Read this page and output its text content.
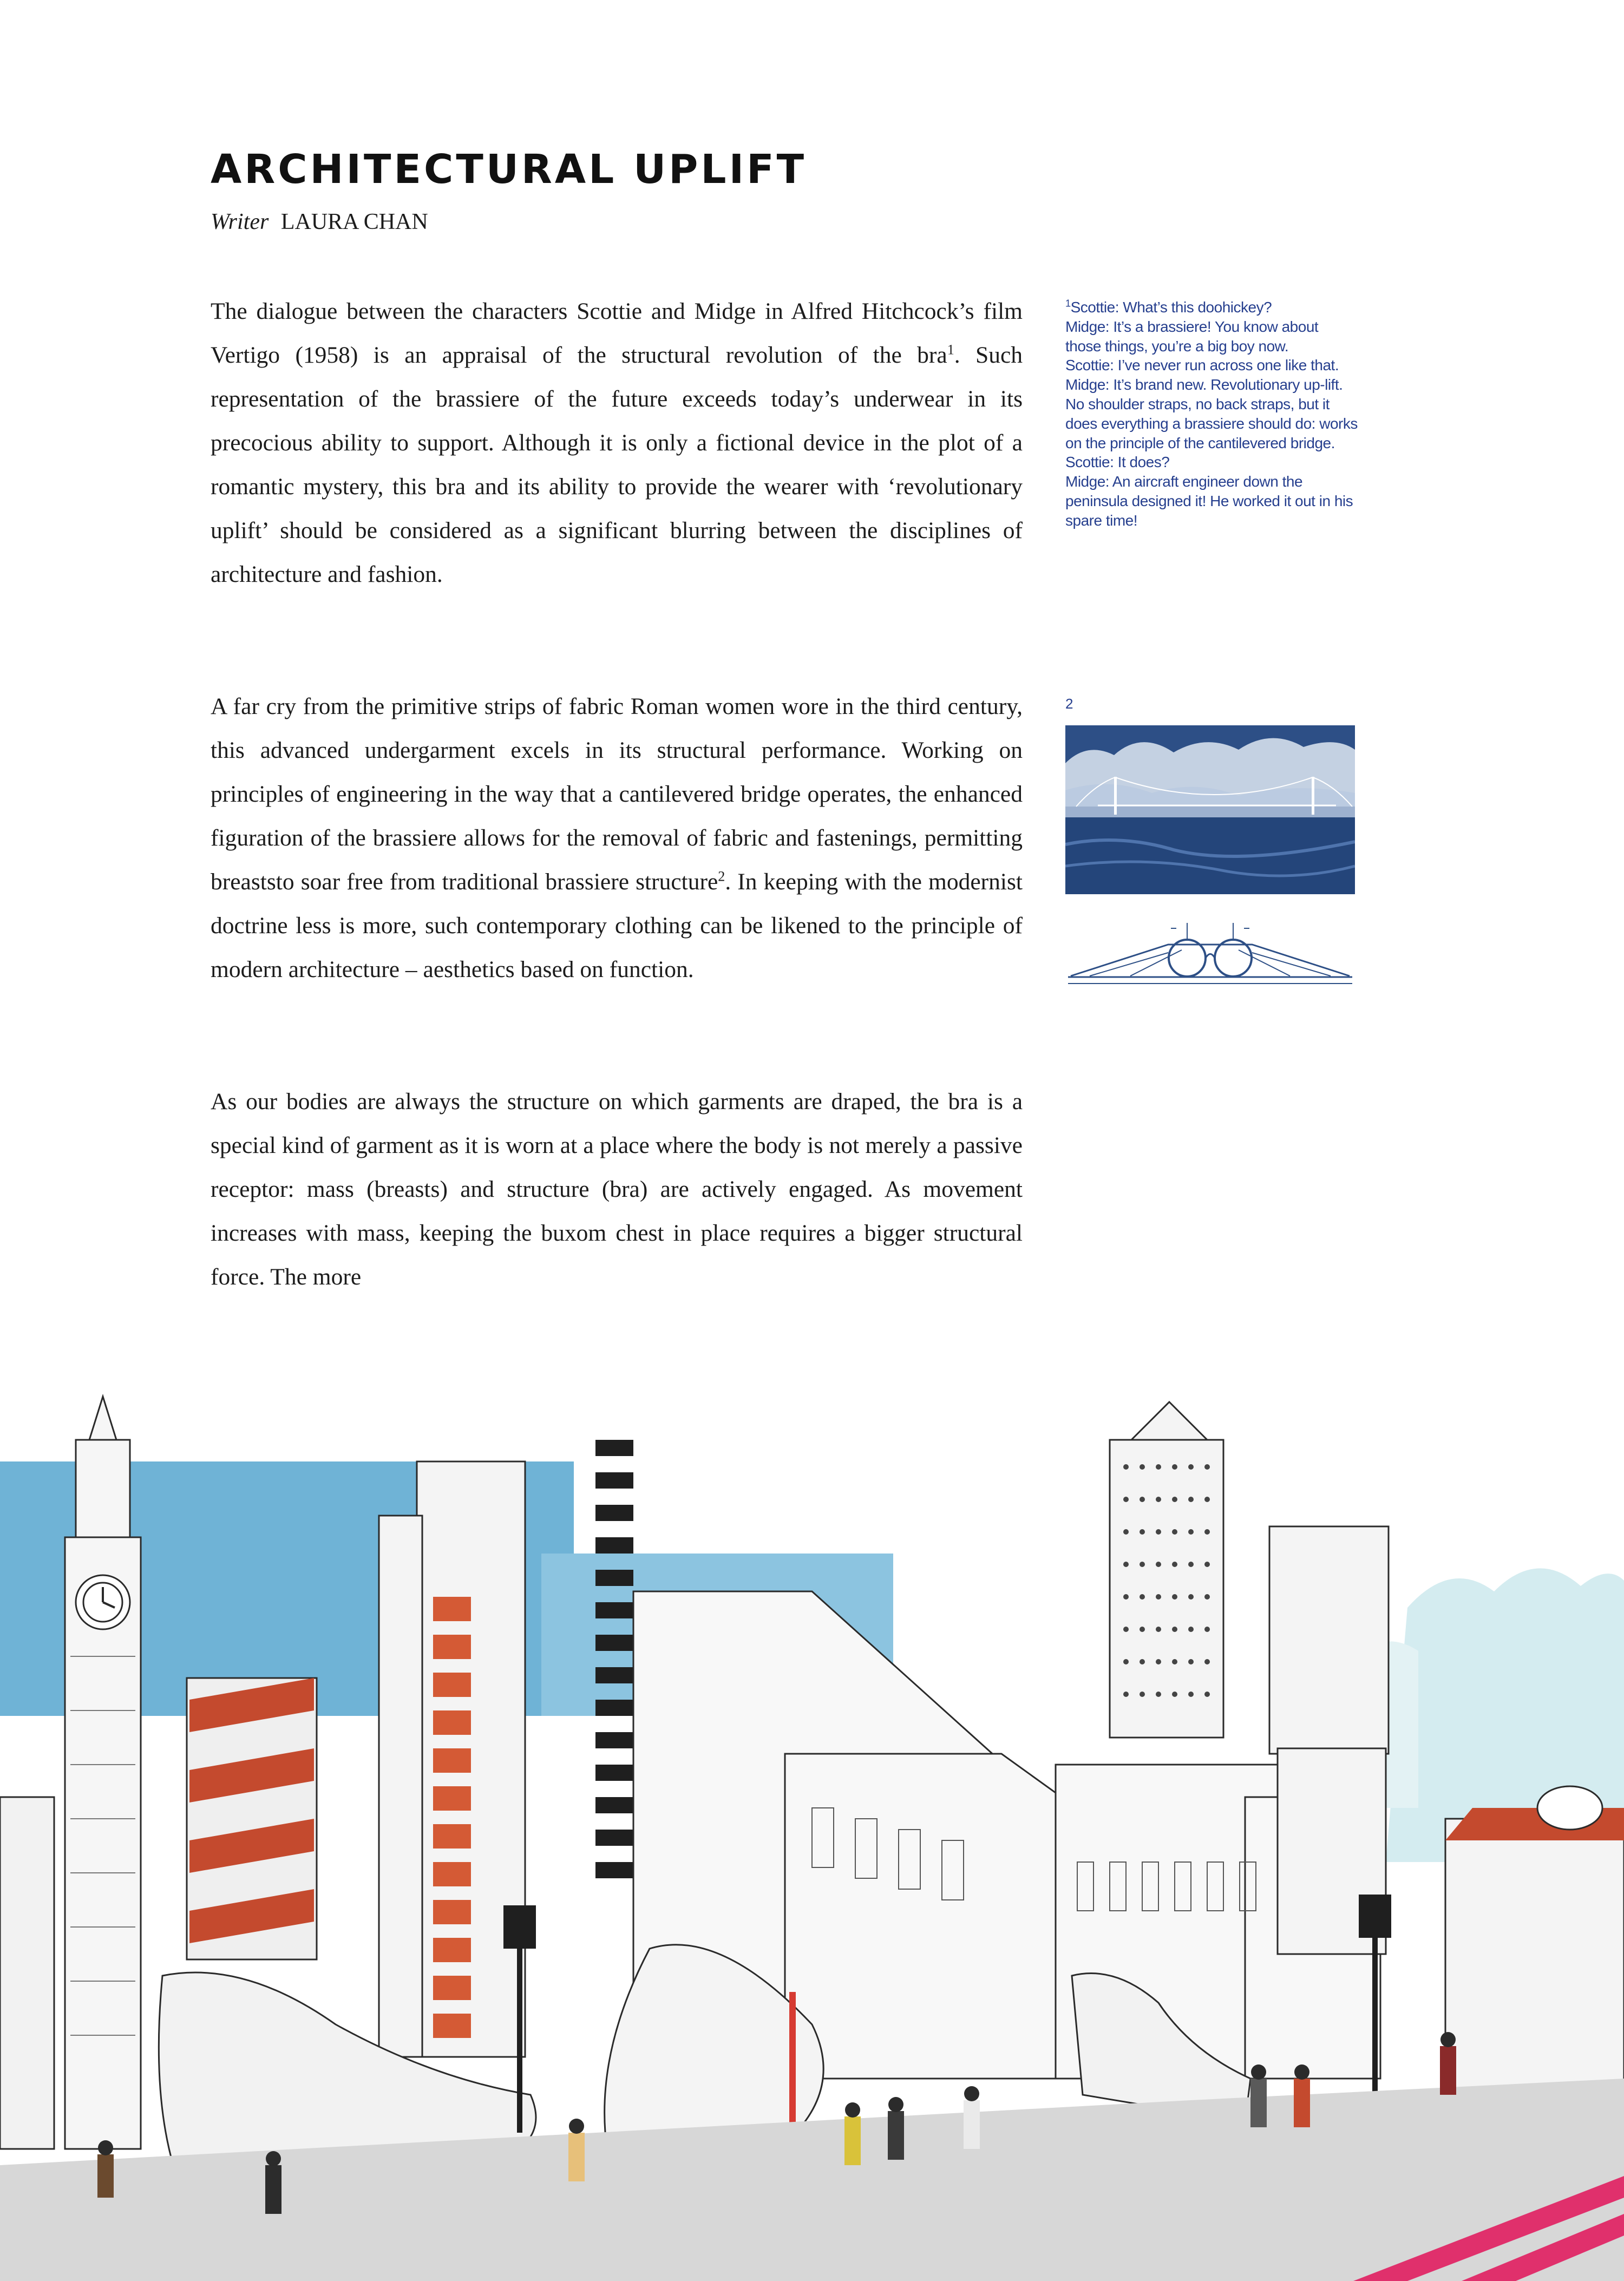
ARCHITECTURAL UPLIFT
Writer LAURA CHAN

The dialogue between the characters Scottie and Midge in Alfred Hitchcock’s film Vertigo (1958) is an appraisal of the structural revolution of the bra$^1$. Such representation of the brassiere of the future exceeds today’s underwear in its precocious ability to support. Although it is only a fictional device in the plot of a romantic mystery, this bra and its ability to provide the wearer with ‘revolutionary uplift’ should be considered as a significant blurring between the disciplines of architecture and fashion.

A far cry from the primitive strips of fabric Roman women wore in the third century, this advanced undergarment excels in its structural performance. Working on principles of engineering in the way that a cantilevered bridge operates, the enhanced figuration of the brassiere allows for the removal of fabric and fastenings, permitting breaststo soar free from traditional brassiere structure$^2$. In keeping with the modernist doctrine less is more, such contemporary clothing can be likened to the principle of modern architecture – aesthetics based on function.

As our bodies are always the structure on which garments are draped, the bra is a special kind of garment as it is worn at a place where the body is not merely a passive receptor: mass (breasts) and structure (bra) are actively engaged. As movement increases with mass, keeping the buxom chest in place requires a bigger structural force. The more

$^1$Scottie: What’s this doohickey?

Midge: It’s a brassiere! You know about those things, you’re a big boy now.

Scottie: I’ve never run across one like that.

Midge: It’s brand new. Revolutionary up-lift. No shoulder straps, no back straps, but it does everything a brassiere should do: works on the principle of the cantilevered bridge.

Scottie: It does?

Midge: An aircraft engineer down the peninsula designed it! He worked it out in his spare time!

2
